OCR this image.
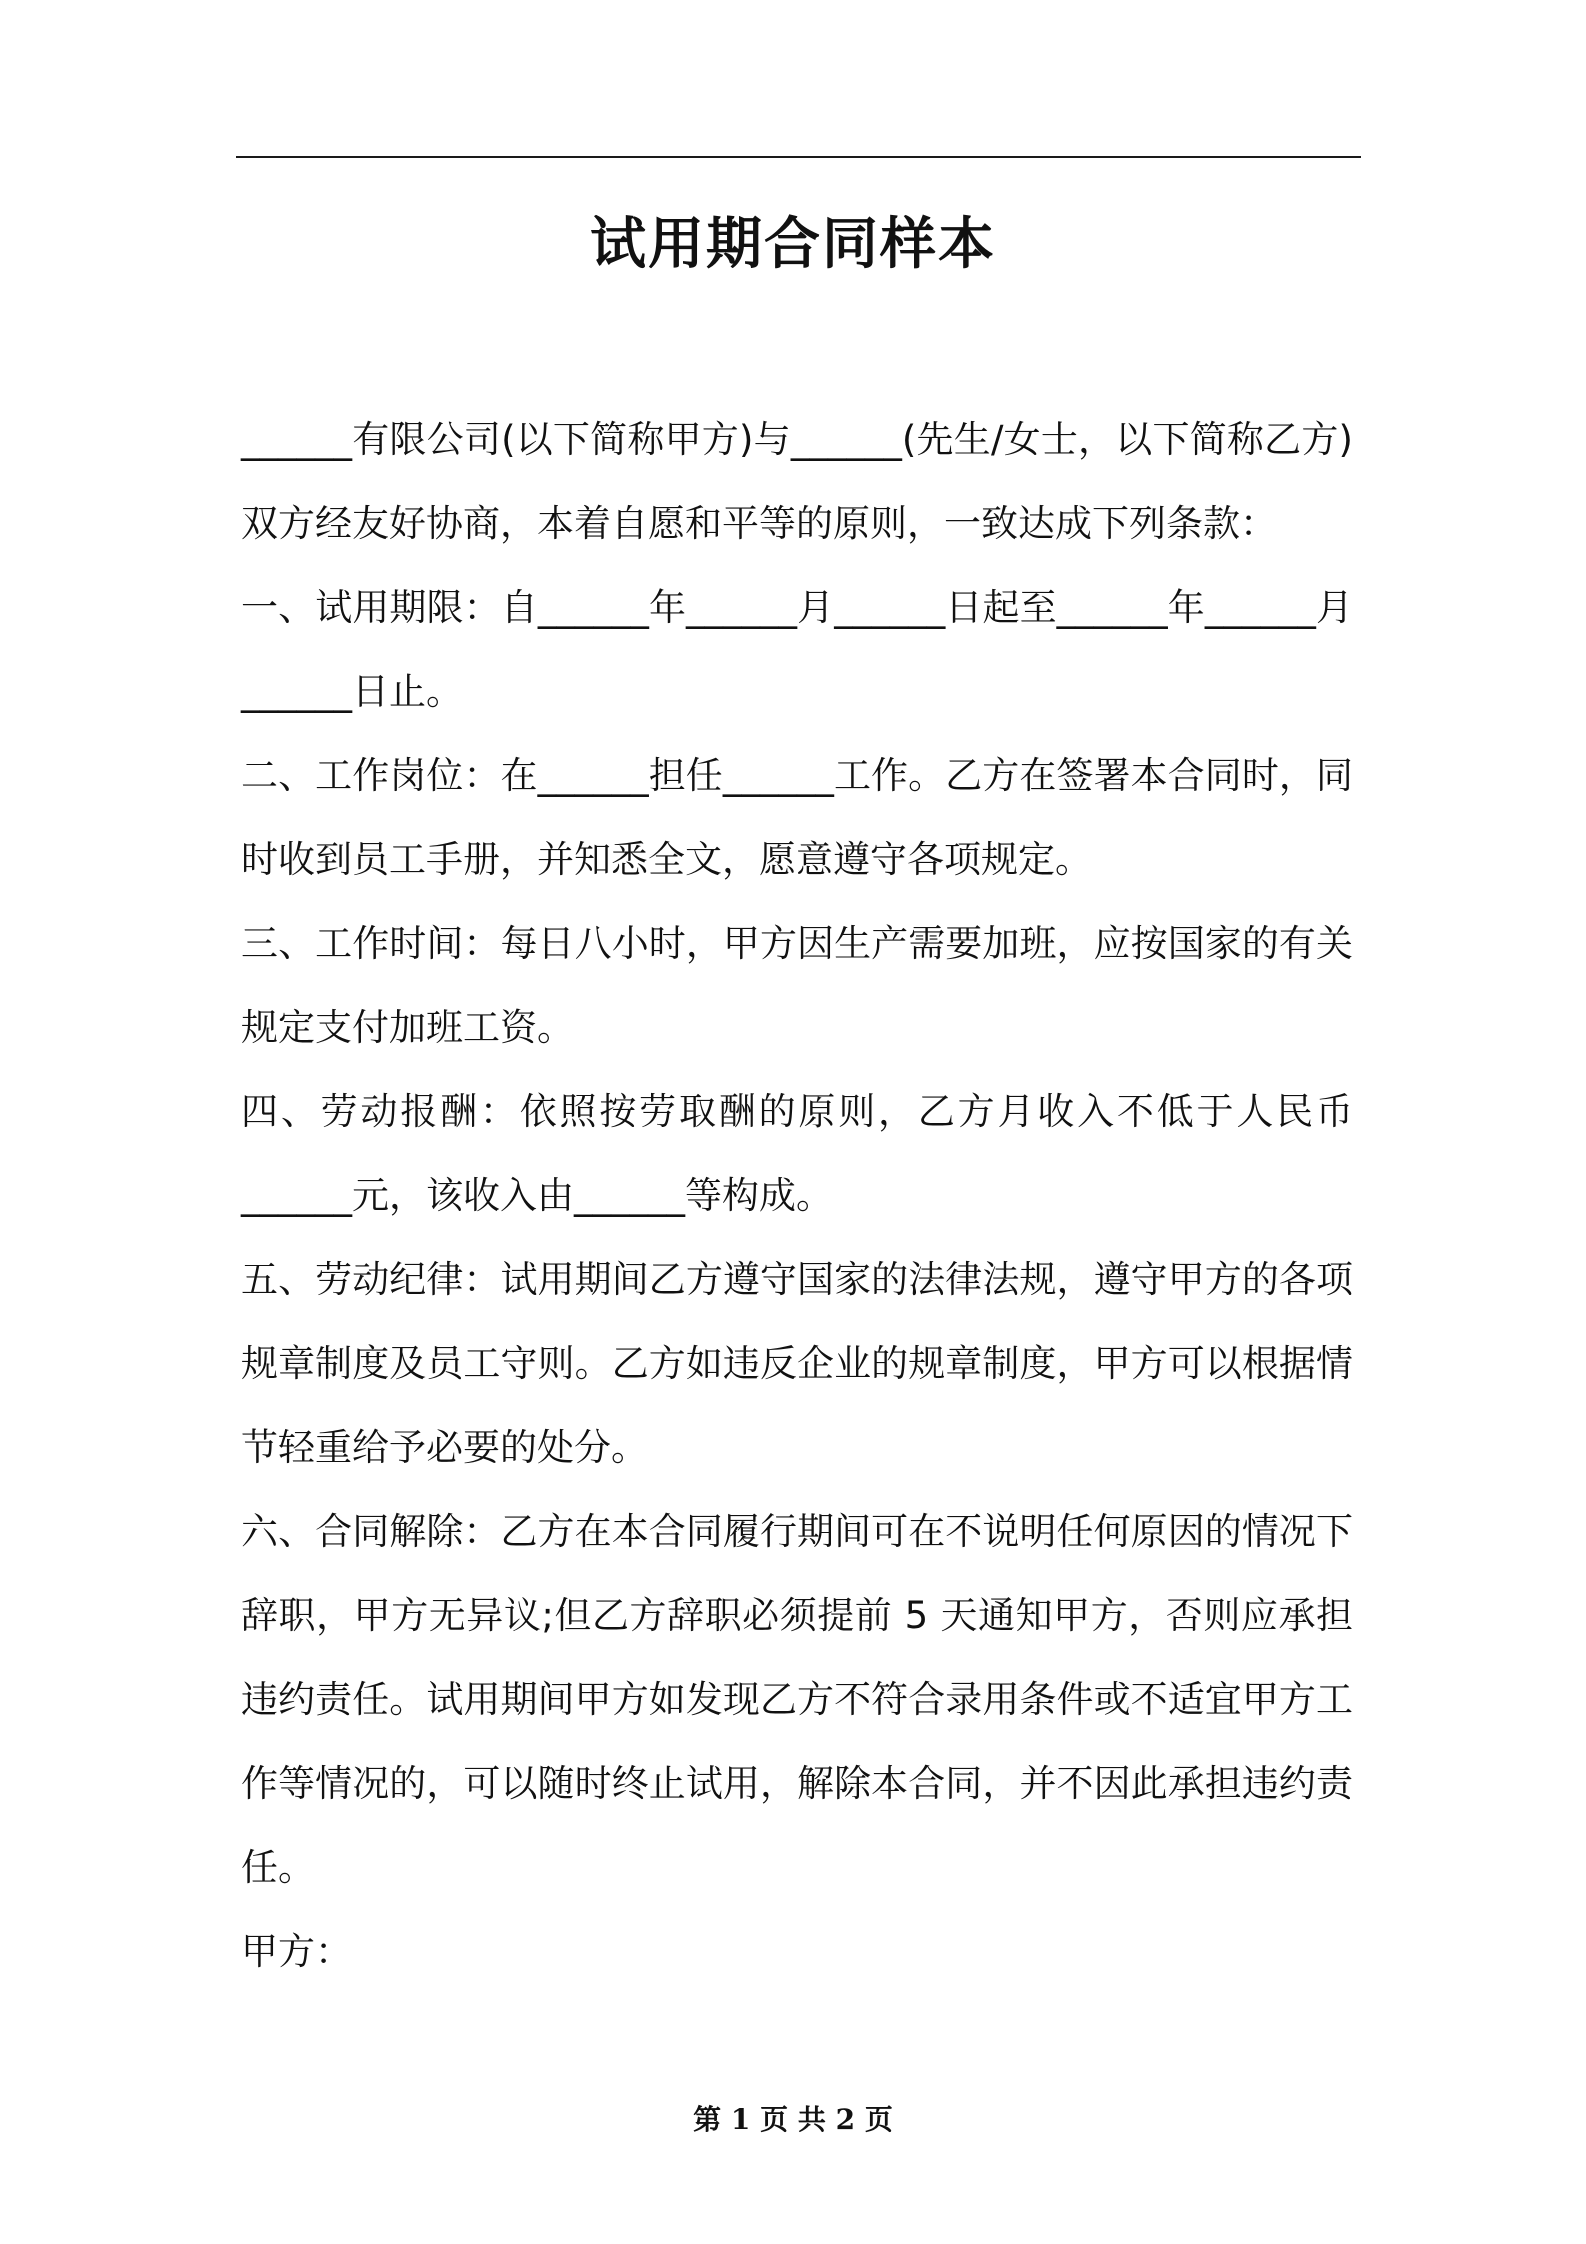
试用期合同样本

______有限公司(以下简称甲方)与______(先生/女士，以下简称乙方)双方经友好协商，本着自愿和平等的原则，一致达成下列条款：

一、试用期限：自______年______月______日起至______年______月______日止。

二、工作岗位：在______担任______工作。乙方在签署本合同时，同时收到员工手册，并知悉全文，愿意遵守各项规定。

三、工作时间：每日八小时，甲方因生产需要加班，应按国家的有关规定支付加班工资。

四、劳动报酬：依照按劳取酬的原则，乙方月收入不低于人民币______元，该收入由______等构成。

五、劳动纪律：试用期间乙方遵守国家的法律法规，遵守甲方的各项规章制度及员工守则。乙方如违反企业的规章制度，甲方可以根据情节轻重给予必要的处分。

六、合同解除：乙方在本合同履行期间可在不说明任何原因的情况下辞职，甲方无异议;但乙方辞职必须提前 5 天通知甲方，否则应承担违约责任。试用期间甲方如发现乙方不符合录用条件或不适宜甲方工作等情况的，可以随时终止试用，解除本合同，并不因此承担违约责任。

甲方：

第 1 页 共 2 页
